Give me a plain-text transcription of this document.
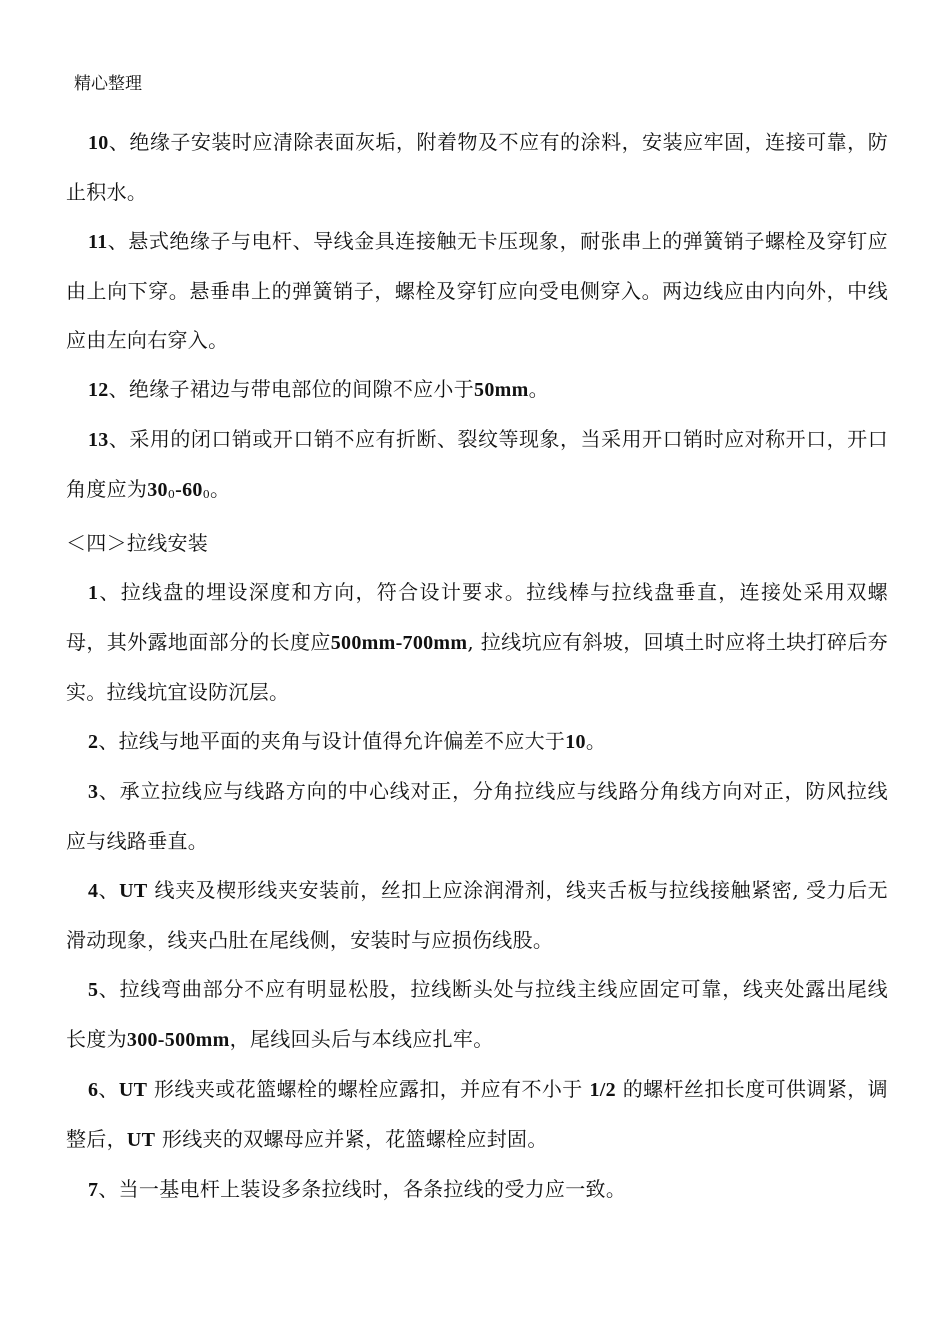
精心整理

10、绝缘子安装时应清除表面灰垢，附着物及不应有的涂料，安装应牢固，连接可靠，防止积水。

11、悬式绝缘子与电杆、导线金具连接触无卡压现象，耐张串上的弹簧销子螺栓及穿钉应由上向下穿。悬垂串上的弹簧销子，螺栓及穿钉应向受电侧穿入。两边线应由内向外，中线应由左向右穿入。

12、绝缘子裙边与带电部位的间隙不应小于50mm。

13、采用的闭口销或开口销不应有折断、裂纹等现象，当采用开口销时应对称开口，开口角度应为$30_0-60_0$。

＜四＞拉线安装

1、拉线盘的埋设深度和方向，符合设计要求。拉线棒与拉线盘垂直，连接处采用双螺母，其外露地面部分的长度应500mm-700mm, 拉线坑应有斜坡，回填土时应将土块打碎后夯实。拉线坑宜设防沉层。

2、拉线与地平面的夹角与设计值得允许偏差不应大于10。

3、承立拉线应与线路方向的中心线对正，分角拉线应与线路分角线方向对正，防风拉线应与线路垂直。

4、UT 线夹及楔形线夹安装前，丝扣上应涂润滑剂，线夹舌板与拉线接触紧密, 受力后无滑动现象，线夹凸肚在尾线侧，安装时与应损伤线股。

5、拉线弯曲部分不应有明显松股，拉线断头处与拉线主线应固定可靠，线夹处露出尾线长度为300-500mm，尾线回头后与本线应扎牢。

6、UT 形线夹或花篮螺栓的螺栓应露扣，并应有不小于 1/2 的螺杆丝扣长度可供调紧，调整后，UT 形线夹的双螺母应并紧，花篮螺栓应封固。

7、当一基电杆上装设多条拉线时，各条拉线的受力应一致。
